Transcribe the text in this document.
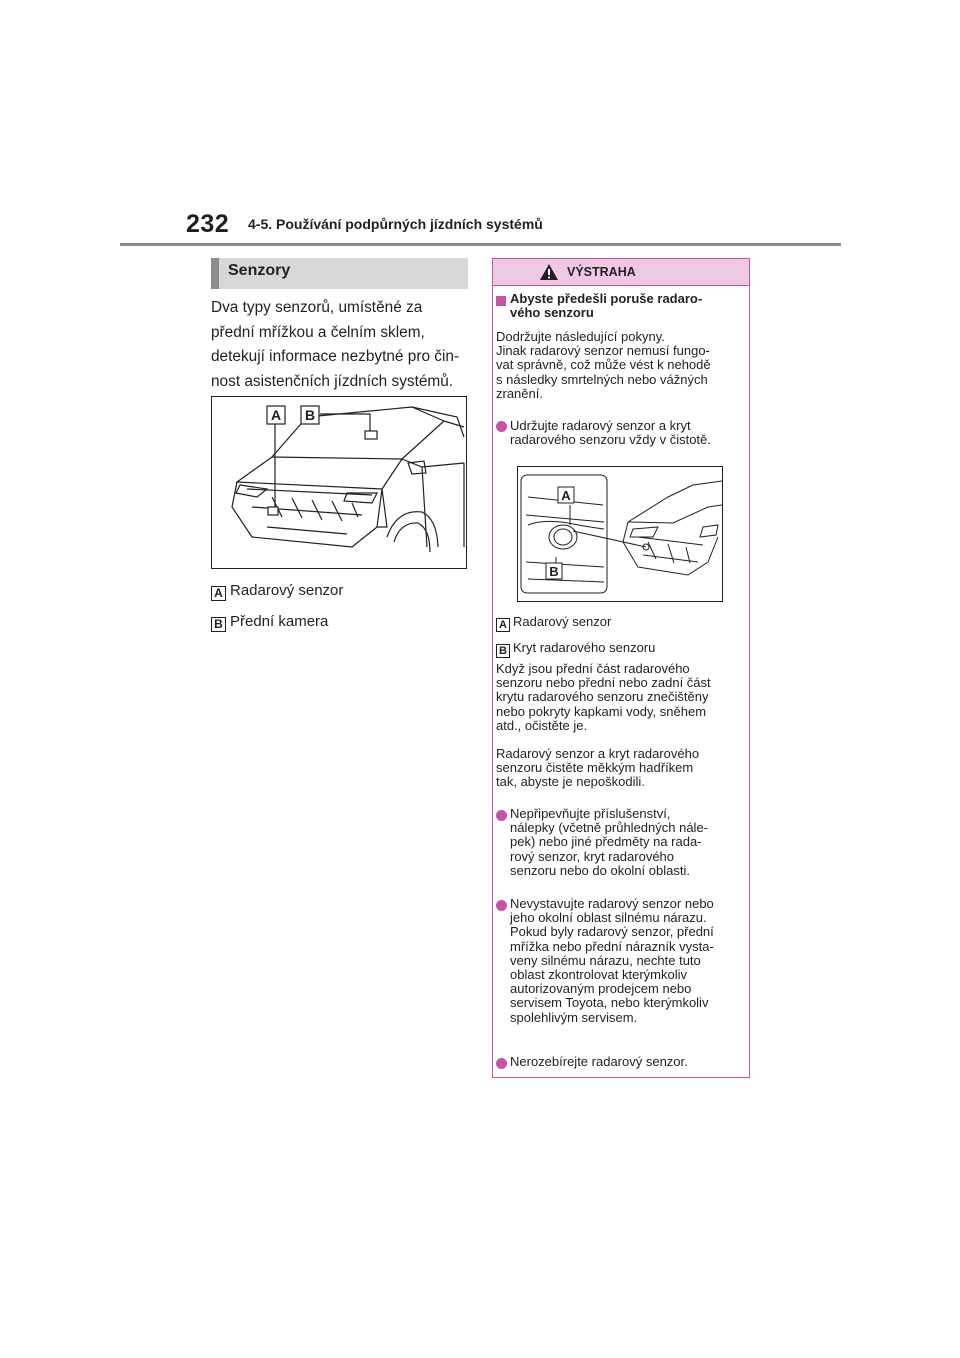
232 4-5. Používání podpůrných jízdních systémů
Senzory
Dva typy senzorů, umístěné za
přední mřížkou a čelním sklem,
detekují informace nezbytné pro čin-
nost asistenčních jízdních systémů.
A B
A Radarový senzor
B Přední kamera
VÝSTRAHA
Abyste předešli poruše radaro-
vého senzoru
Dodržujte následující pokyny.
Jinak radarový senzor nemusí fungo-
vat správně, což může vést k nehodě
s následky smrtelných nebo vážných
zranění.
Udržujte radarový senzor a kryt
radarového senzoru vždy v čistotě.
A
B
A Radarový senzor
B Kryt radarového senzoru
Když jsou přední část radarového
senzoru nebo přední nebo zadní část
krytu radarového senzoru znečištěny
nebo pokryty kapkami vody, sněhem
atd., očistěte je.
Radarový senzor a kryt radarového
senzoru čistěte měkkým hadříkem
tak, abyste je nepoškodili.
Nepřipevňujte příslušenství,
nálepky (včetně průhledných nále-
pek) nebo jiné předměty na rada-
rový senzor, kryt radarového
senzoru nebo do okolní oblasti.
Nevystavujte radarový senzor nebo
jeho okolní oblast silnému nárazu.
Pokud byly radarový senzor, přední
mřížka nebo přední nárazník vysta-
veny silnému nárazu, nechte tuto
oblast zkontrolovat kterýmkoliv
autorizovaným prodejcem nebo
servisem Toyota, nebo kterýmkoliv
spolehlivým servisem.
Nerozebírejte radarový senzor.
